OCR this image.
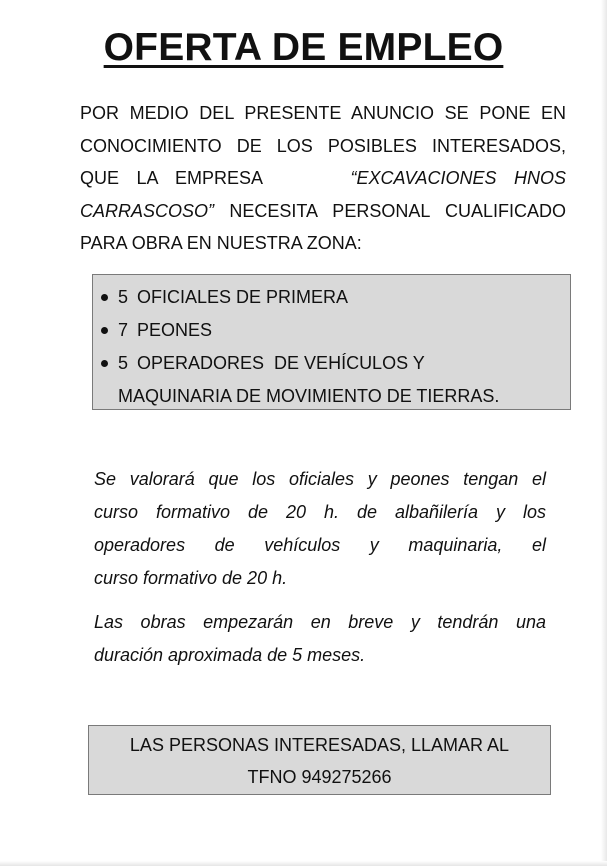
OFERTA DE EMPLEO
POR MEDIO DEL PRESENTE ANUNCIO SE PONE EN
CONOCIMIENTO DE LOS POSIBLES INTERESADOS,
QUE LA EMPRESA	“EXCAVACIONES HNOS
CARRASCOSO” NECESITA PERSONAL CUALIFICADO
PARA OBRA EN NUESTRA ZONA:
5 OFICIALES DE PRIMERA
7 PEONES
5 OPERADORES  DE VEHÍCULOS Y
MAQUINARIA DE MOVIMIENTO DE TIERRAS.
Se valorará que los oficiales y peones tengan el
curso formativo de 20 h. de albañilería y los
operadores de vehículos y maquinaria, el
curso formativo de 20 h.
Las obras empezarán en breve y tendrán una
duración aproximada de 5 meses.
LAS PERSONAS INTERESADAS, LLAMAR AL
TFNO 949275266
